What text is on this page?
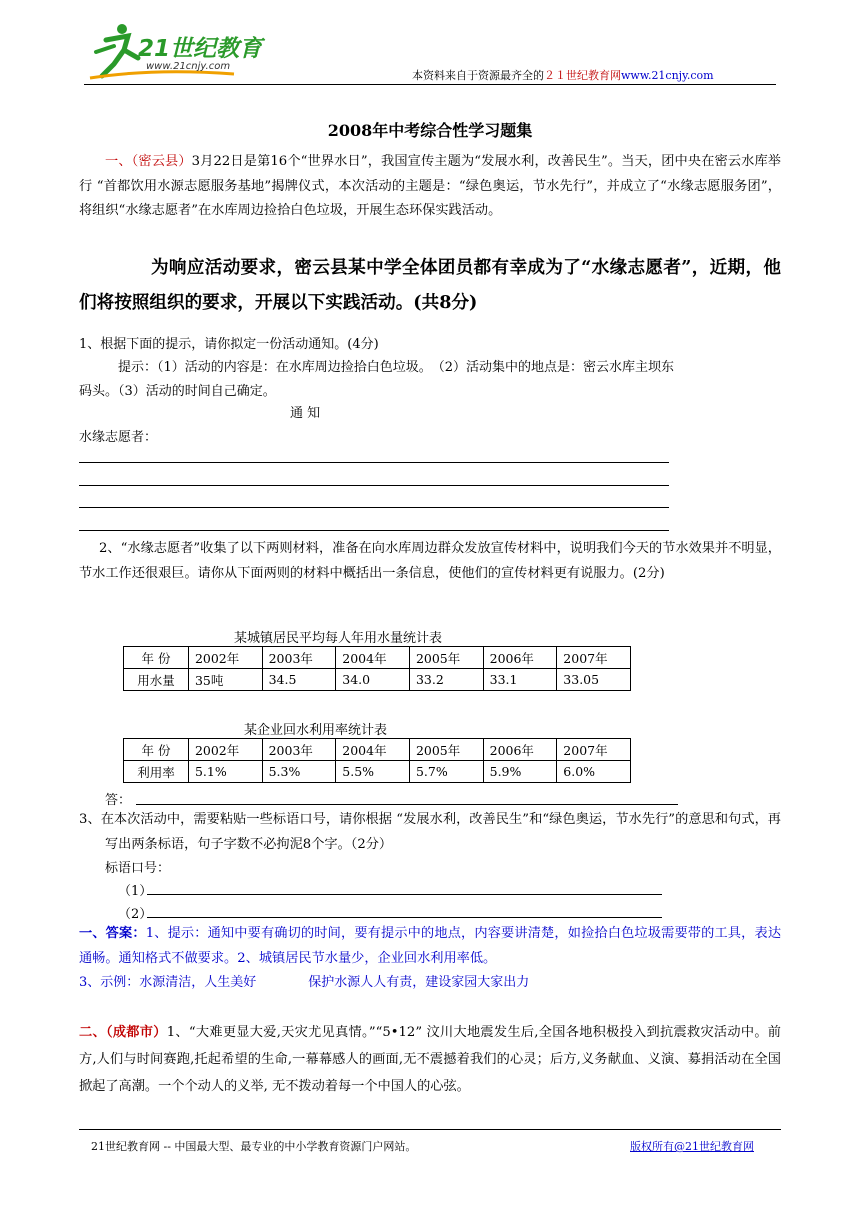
21世纪教育
www.21cnjy.com
本资料来自于资源最齐全的２１世纪教育网www.21cnjy.com
2008年中考综合性学习题集
一、（密云县）3月22日是第16个“世界水日”，我国宣传主题为“发展水利，改善民生”。当天，团中央在密云水库举行 “首都饮用水源志愿服务基地”揭牌仪式，本次活动的主题是：“绿色奥运，节水先行”，并成立了“水缘志愿服务团”，将组织“水缘志愿者”在水库周边捡拾白色垃圾，开展生态环保实践活动。
为响应活动要求，密云县某中学全体团员都有幸成为了“水缘志愿者”，近期，他们将按照组织的要求，开展以下实践活动。(共8分)
1、根据下面的提示，请你拟定一份活动通知。(4分)
提示：（1）活动的内容是：在水库周边捡拾白色垃圾。　（2）活动集中的地点是：密云水库主坝东
码头。（3）活动的时间自己确定。
通 知
水缘志愿者：
2、“水缘志愿者”收集了以下两则材料，准备在向水库周边群众发放宣传材料中，说明我们今天的节水效果并不明显，节水工作还很艰巨。请你从下面两则的材料中概括出一条信息，使他们的宣传材料更有说服力。(2分)
某城镇居民平均每人年用水量统计表
年 份	2002年	2003年	2004年	2005年	2006年	2007年
用水量	35吨	34.5	34.0	33.2	33.1	33.05
某企业回水利用率统计表
年 份	2002年	2003年	2004年	2005年	2006年	2007年
利用率	5.1%	5.3%	5.5%	5.7%	5.9%	6.0%
答：
3、在本次活动中，需要粘贴一些标语口号，请你根据 “发展水利，改善民生”和“绿色奥运，节水先行”的意思和句式，再写出两条标语，句子字数不必拘泥8个字。（2分）
标语口号：
（1）
（2）
一、答案：1、提示：通知中要有确切的时间，要有提示中的地点，内容要讲清楚，如捡拾白色垃圾需要带的工具，表达通畅。通知格式不做要求。2、城镇居民节水量少，企业回水利用率低。
3、示例：水源清洁，人生美好　　　　保护水源人人有责，建设家园大家出力
二、（成都市）1、“大难更显大爱,天灾尤见真情。”“5•12” 汶川大地震发生后,全国各地积极投入到抗震救灾活动中。前方,人们与时间赛跑,托起希望的生命,一幕幕感人的画面,无不震撼着我们的心灵；后方,义务献血、义演、募捐活动在全国掀起了高潮。一个个动人的义举, 无不拨动着每一个中国人的心弦。
21世纪教育网 -- 中国最大型、最专业的中小学教育资源门户网站。	版权所有@21世纪教育网
